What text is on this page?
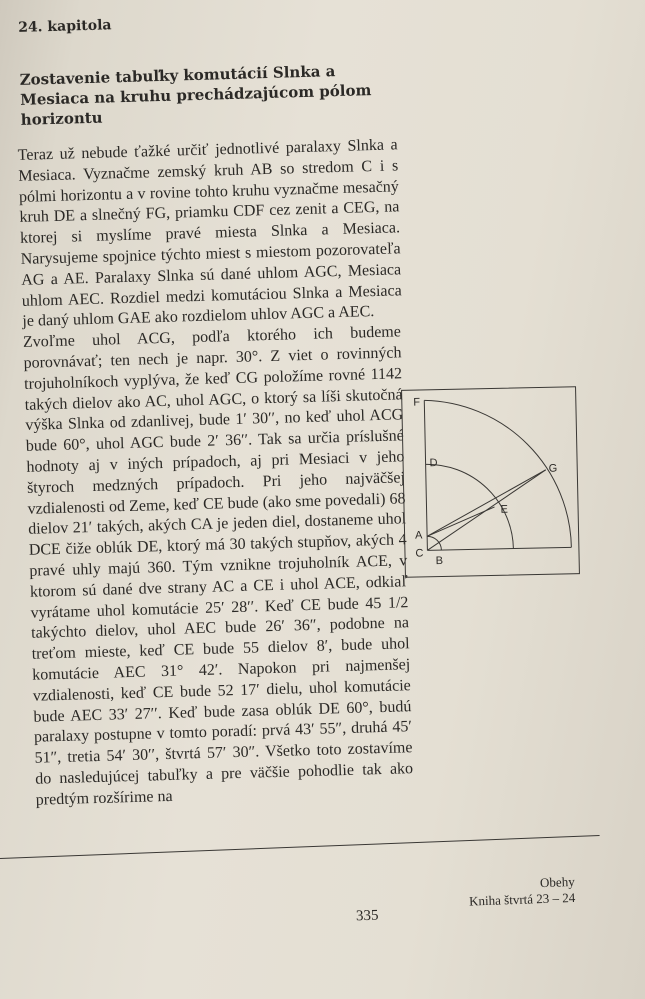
24. kapitola
Zostavenie tabuľky komutácií Slnka a Mesiaca na kruhu prechádzajúcom pólom horizontu

Teraz už nebude ťažké určiť jednotlivé paralaxy Slnka a Mesiaca. Vyznačme zemský kruh AB so stredom C i s pólmi horizontu a v rovine tohto kruhu vyznačme mesačný kruh DE a slnečný FG, priamku CDF cez zenit a CEG, na ktorej si myslíme pravé miesta Slnka a Mesiaca. Narysujeme spojnice týchto miest s miestom pozorovateľa AG a AE. Paralaxy Slnka sú dané uhlom AGC, Mesiaca uhlom AEC. Rozdiel medzi komutáciou Slnka a Mesiaca je daný uhlom GAE ako rozdielom uhlov AGC a AEC.

Zvoľme uhol ACG, podľa ktorého ich budeme porovnávať; ten nech je napr. 30°. Z viet o rovinných trojuholníkoch vyplýva, že keď CG položíme rovné 1142 takých dielov ako AC, uhol AGC, o ktorý sa líši skutočná výška Slnka od zdanlivej, bude 1′ 30′′, no keď uhol ACG bude 60°, uhol AGC bude 2′ 36′′. Tak sa určia príslušné hodnoty aj v iných prípadoch, aj pri Mesiaci v jeho štyroch medzných prípadoch. Pri jeho najväčšej vzdialenosti od Zeme, keď CE bude (ako sme povedali) 68 dielov 21′ takých, akých CA je jeden diel, dostaneme uhol DCE čiže oblúk DE, ktorý má 30 takých stupňov, akých 4 pravé uhly majú 360. Tým vznikne trojuholník ACE, v ktorom sú dané dve strany AC a CE i uhol ACE, odkiaľ vyrátame uhol komutácie 25′ 28′′. Keď CE bude 45 1/2 takýchto dielov, uhol AEC bude 26′ 36″, podobne na treťom mieste, keď CE bude 55 dielov 8′, bude uhol komutácie AEC 31° 42′. Napokon pri najmenšej vzdialenosti, keď CE bude 52 17′ dielu, uhol komutácie bude AEC 33′ 27′′. Keď bude zasa oblúk DE 60°, budú paralaxy postupne v tomto poradí: prvá 43′ 55″, druhá 45′ 51″, tretia 54′ 30′′, štvrtá 57′ 30″. Všetko toto zostavíme do nasledujúcej tabuľky a pre väčšie pohodlie tak ako predtým rozšírime na

F
D	G
E
A
C
B
Obehy
Kniha štvrtá 23 – 24
335
